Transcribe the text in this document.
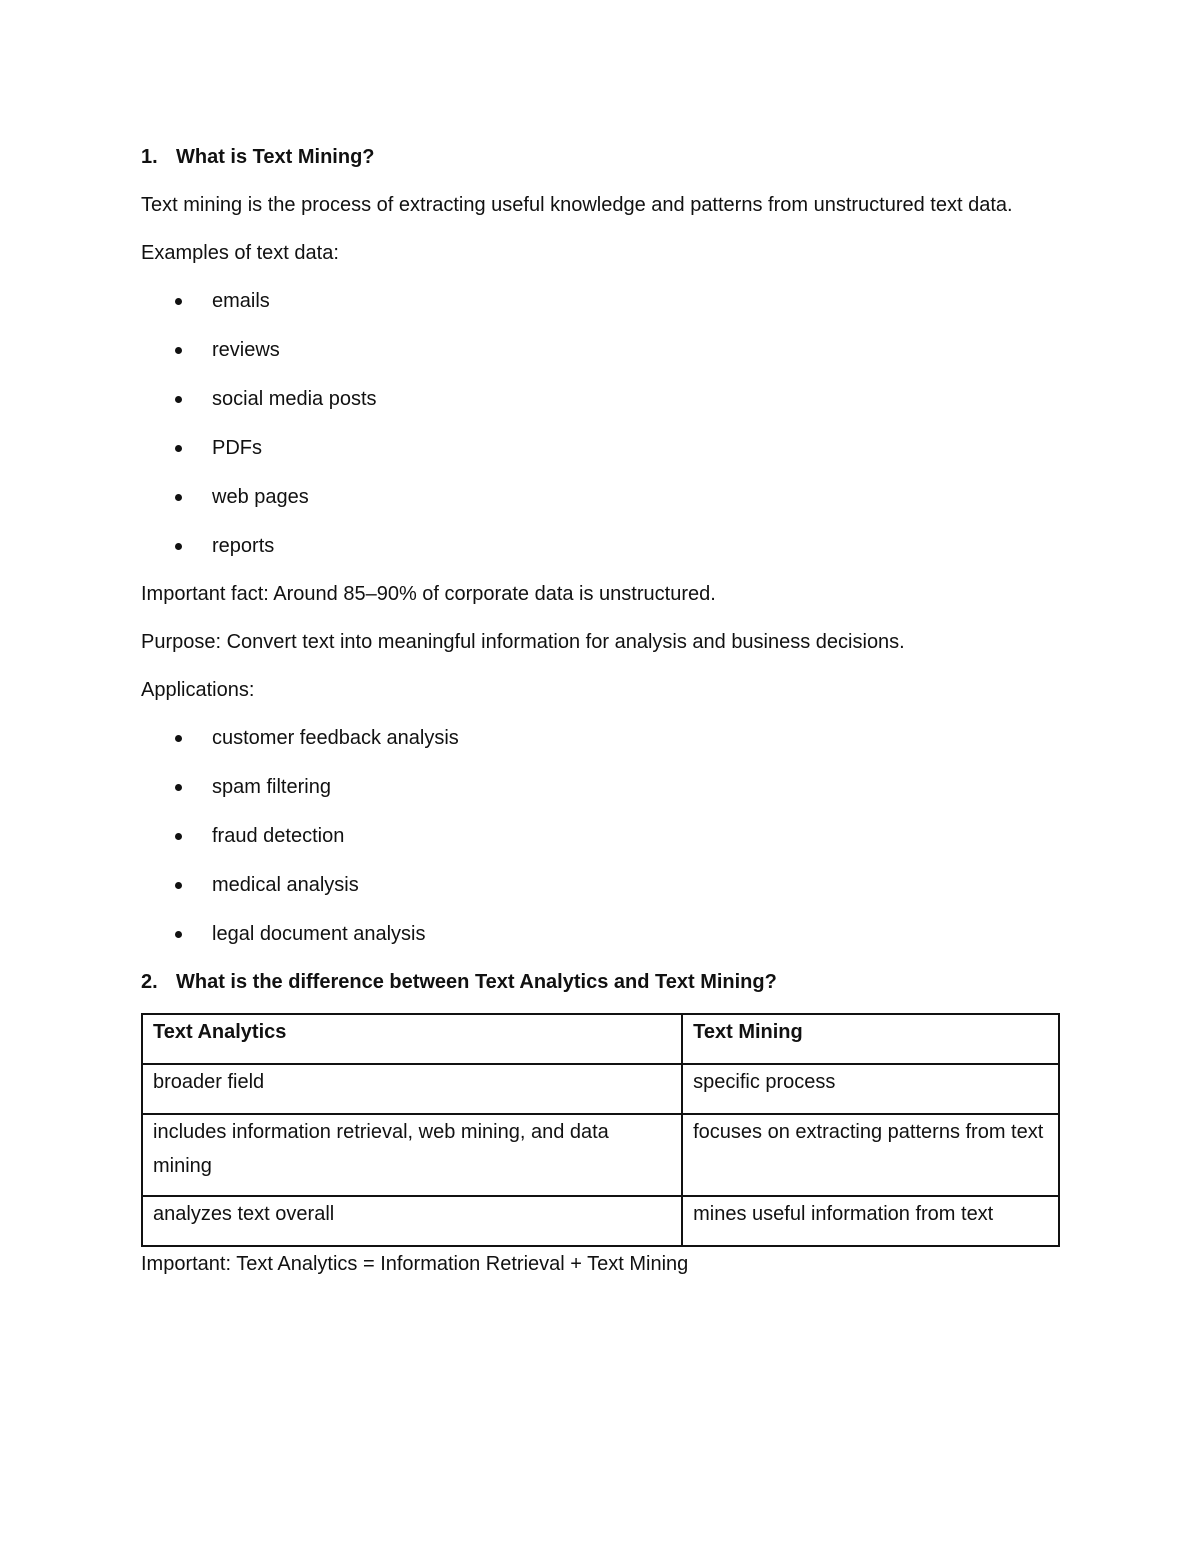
1. What is Text Mining?

Text mining is the process of extracting useful knowledge and patterns from unstructured text data.

Examples of text data:

emails
reviews
social media posts
PDFs
web pages
reports

Important fact: Around 85–90% of corporate data is unstructured.

Purpose: Convert text into meaningful information for analysis and business decisions.

Applications:

customer feedback analysis
spam filtering
fraud detection
medical analysis
legal document analysis
2. What is the difference between Text Analytics and Text Mining?
Text Analytics	Text Mining
broader field	specific process
includes information retrieval, web mining, and data mining	focuses on extracting patterns from text
analyzes text overall	mines useful information from text

Important: Text Analytics = Information Retrieval + Text Mining
